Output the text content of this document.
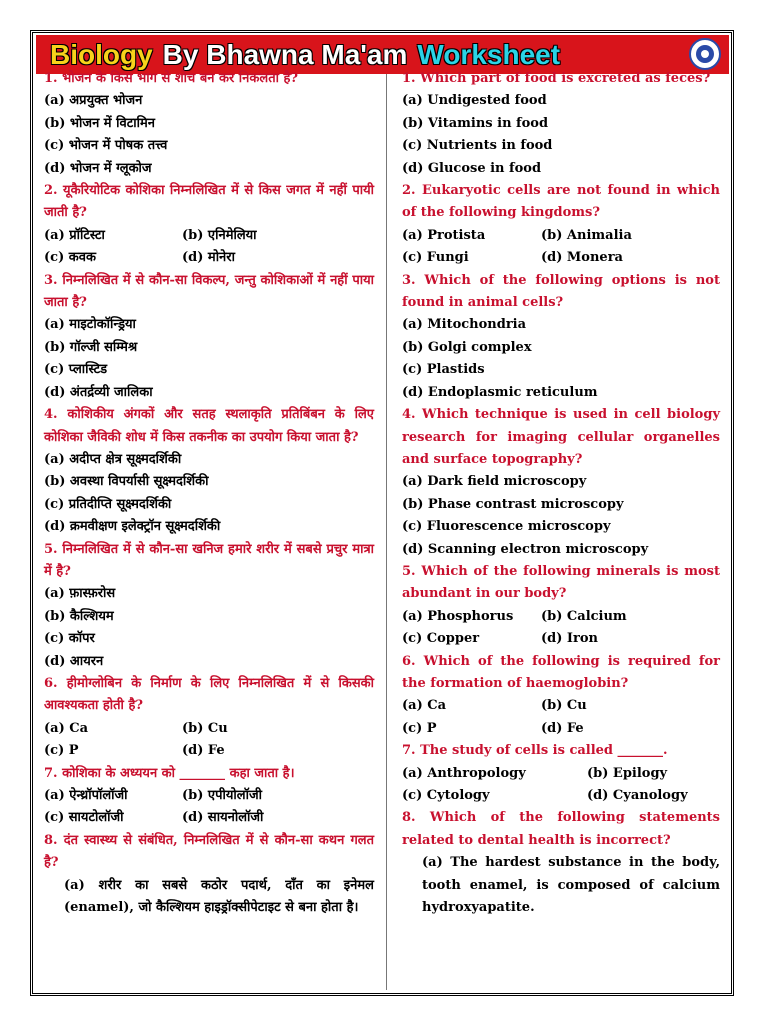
Biology By Bhawna Ma'am Worksheet
1. भोजन के किस भाग से शोच बन कर निकलता है?
(a) अप्रयुक्त भोजन
(b) भोजन में विटामिन
(c) भोजन में पोषक तत्त्व
(d) भोजन में ग्लूकोज
2. यूकैरियोटिक कोशिका निम्नलिखित में से किस जगत में नहीं पायी जाती है?
(a) प्रॉटिस्टा	(b) एनिमेलिया
(c) कवक	(d) मोनेरा
3. निम्नलिखित में से कौन-सा विकल्प, जन्तु कोशिकाओं में नहीं पाया जाता है?
(a) माइटोकॉन्ड्रिया
(b) गॉल्जी सम्मिश्र
(c) प्लास्टिड
(d) अंतर्द्रव्यी जालिका
4. कोशिकीय अंगकों और सतह स्थलाकृति प्रतिबिंबन के लिए कोशिका जैविकी शोध में किस तकनीक का उपयोग किया जाता है?
(a) अदीप्त क्षेत्र सूक्ष्मदर्शिकी
(b) अवस्था विपर्यासी सूक्ष्मदर्शिकी
(c) प्रतिदीप्ति सूक्ष्मदर्शिकी
(d) क्रमवीक्षण इलेक्ट्रॉन सूक्ष्मदर्शिकी
5. निम्नलिखित में से कौन-सा खनिज हमारे शरीर में सबसे प्रचुर मात्रा में है?
(a) फ़ास्फ़रोस
(b) कैल्शियम
(c) कॉपर
(d) आयरन
6. हीमोग्लोबिन के निर्माण के लिए निम्नलिखित में से किसकी आवश्यकता होती है?
(a) Ca	(b) Cu
(c) P	(d) Fe
7. कोशिका के अध्ययन को _______ कहा जाता है।
(a) ऐन्थ्रॉपॉलॉजी	(b) एपीयोलॉजी
(c) सायटोलॉजी	(d) सायनोलॉजी
8. दंत स्वास्थ्य से संबंधित, निम्नलिखित में से कौन-सा कथन गलत है?
(a) शरीर का सबसे कठोर पदार्थ, दाँत का इनेमल (enamel), जो कैल्शियम हाइड्रॉक्सीपेटाइट से बना होता है।
1. Which part of food is excreted as feces?
(a) Undigested food
(b) Vitamins in food
(c) Nutrients in food
(d) Glucose in food
2. Eukaryotic cells are not found in which of the following kingdoms?
(a) Protista	(b) Animalia
(c) Fungi	(d) Monera
3. Which of the following options is not found in animal cells?
(a) Mitochondria
(b) Golgi complex
(c) Plastids
(d) Endoplasmic reticulum
4. Which technique is used in cell biology research for imaging cellular organelles and surface topography?
(a) Dark field microscopy
(b) Phase contrast microscopy
(c) Fluorescence microscopy
(d) Scanning electron microscopy
5. Which of the following minerals is most abundant in our body?
(a) Phosphorus	(b) Calcium
(c) Copper	(d) Iron
6. Which of the following is required for the formation of haemoglobin?
(a) Ca	(b) Cu
(c) P	(d) Fe
7. The study of cells is called _______.
(a) Anthropology	(b) Epilogy
(c) Cytology	(d) Cyanology
8. Which of the following statements related to dental health is incorrect?
(a) The hardest substance in the body, tooth enamel, is composed of calcium hydroxyapatite.
